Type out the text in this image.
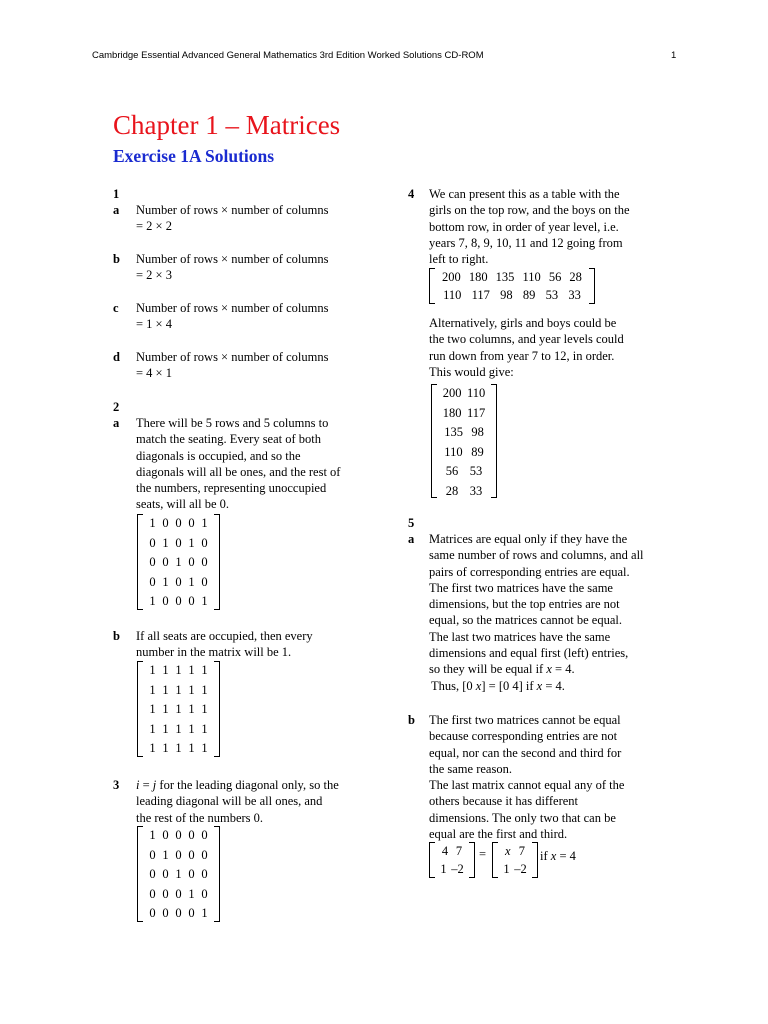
Cambridge Essential Advanced General Mathematics 3rd Edition Worked Solutions CD-ROM	1
Chapter 1 – Matrices
Exercise 1A Solutions
1
a Number of rows × number of columns
= 2 × 2
b Number of rows × number of columns
= 2 × 3
c Number of rows × number of columns
= 1 × 4
d Number of rows × number of columns
= 4 × 1
2
a There will be 5 rows and 5 columns to
match the seating. Every seat of both
diagonals is occupied, and so the
diagonals will all be ones, and the rest of
the numbers, representing unoccupied
seats, will all be 0.
1 0 0 0 1
0 1 0 1 0
0 0 1 0 0
0 1 0 1 0
1 0 0 0 1
b If all seats are occupied, then every
number in the matrix will be 1.
1 1 1 1 1
1 1 1 1 1
1 1 1 1 1
1 1 1 1 1
1 1 1 1 1
3 i = j for the leading diagonal only, so the
leading diagonal will be all ones, and
the rest of the numbers 0.
1 0 0 0 0
0 1 0 0 0
0 0 1 0 0
0 0 0 1 0
0 0 0 0 1
4 We can present this as a table with the
girls on the top row, and the boys on the
bottom row, in order of year level, i.e.
years 7, 8, 9, 10, 11 and 12 going from
left to right.
200 180 135 110 56 28
110 117 98 89 53 33
Alternatively, girls and boys could be
the two columns, and year levels could
run down from year 7 to 12, in order.
This would give:
200 110
180 117
135 98
110 89
56 53
28 33
5
a Matrices are equal only if they have the
same number of rows and columns, and all
pairs of corresponding entries are equal.
The first two matrices have the same
dimensions, but the top entries are not
equal, so the matrices cannot be equal.
The last two matrices have the same
dimensions and equal first (left) entries,
so they will be equal if x = 4.
Thus, [0 x] = [0 4] if x = 4.
b The first two matrices cannot be equal
because corresponding entries are not
equal, nor can the second and third for
the same reason.
The last matrix cannot equal any of the
others because it has different
dimensions. The only two that can be
equal are the first and third.
4 7
1 –2
= x 7
1 –2
if x = 4
